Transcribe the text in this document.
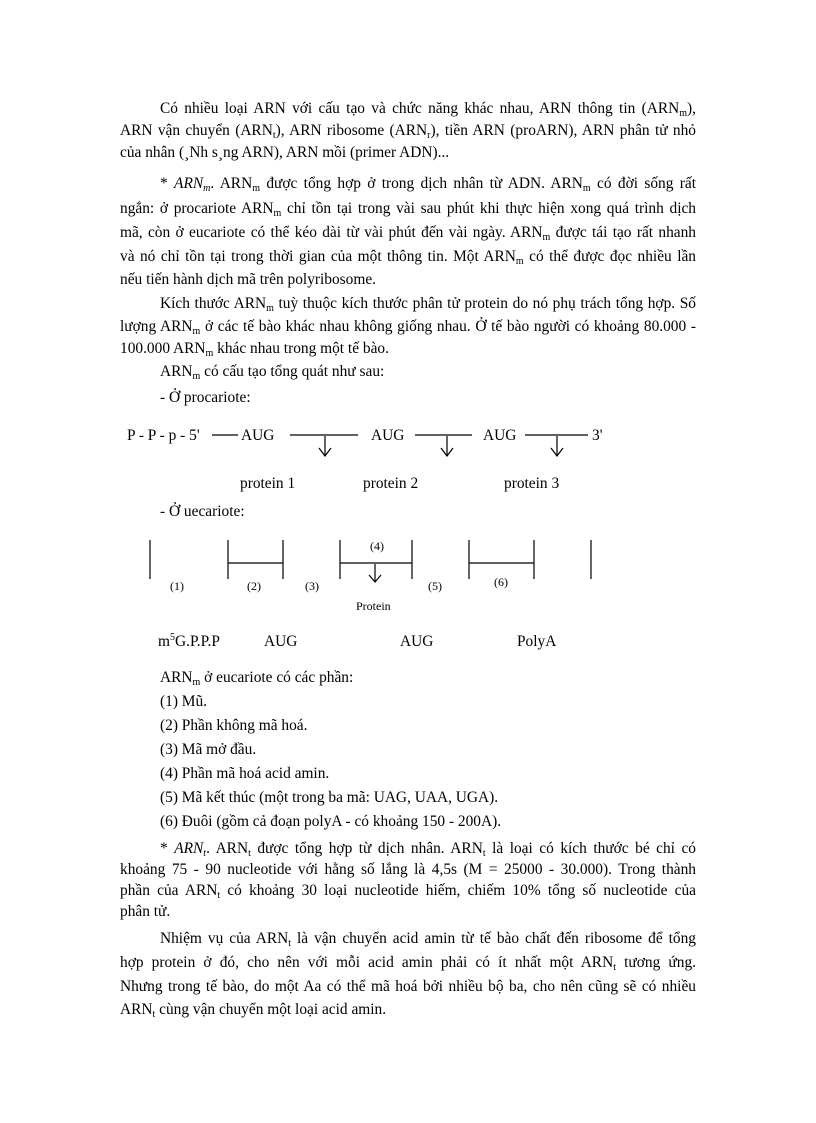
Có nhiều loại ARN với cấu tạo và chức năng khác nhau, ARN thông tin $(ARN_m)$,
ARN vận chuyển $(ARN_t)$, ARN ribosome $(ARN_r)$, tiền ARN (proARN), ARN phân tử nhỏ
của nhân (¸Nh s¸ng ARN), ARN mồi (primer ADN)...
* $ARN_m$. $ARN_m$ được tổng hợp ở trong dịch nhân từ ADN. $ARN_m$ có đời sống rất
ngắn: ở procariote $ARN_m$ chỉ tồn tại trong vài sau phút khi thực hiện xong quá trình dịch
mã, còn ở eucariote có thể kéo dài từ vài phút đến vài ngày. $ARN_m$ được tái tạo rất nhanh
và nó chỉ tồn tại trong thời gian của một thông tin. Một $ARN_m$ có thể được đọc nhiều lần
nếu tiến hành dịch mã trên polyribosome.
Kích thước $ARN_m$ tuỳ thuộc kích thước phân tử protein do nó phụ trách tổng hợp. Số
lượng $ARN_m$ ở các tế bào khác nhau không giống nhau. Ở tế bào người có khoảng 80.000 -
100.000 $ARN_m$ khác nhau trong một tế bào.
$ARN_m$ có cấu tạo tổng quát như sau:
- Ở procariote:
P - P - p - 5'	AUG	AUG	AUG	3'
protein 1	protein 2	protein 3
- Ở uecariote:
(4)
(1)	(2)	(3)	(5)	(6)
Protein
$m^5G.P.P.P$	AUG	AUG	PolyA
$ARN_m$ ở eucariote có các phần:
(1) Mũ.
(2) Phần không mã hoá.
(3) Mã mở đầu.
(4) Phần mã hoá acid amin.
(5) Mã kết thúc (một trong ba mã: UAG, UAA, UGA).
(6) Đuôi (gồm cả đoạn polyA - có khoảng 150 - 200A).
* $ARN_t$. $ARN_t$ được tổng hợp từ dịch nhân. $ARN_t$ là loại có kích thước bé chỉ có
khoảng 75 - 90 nucleotide với hằng số lắng là 4,5s (M = 25000 - 30.000). Trong thành
phần của $ARN_t$ có khoảng 30 loại nucleotide hiếm, chiếm 10% tổng số nucleotide của
phân tử.
Nhiệm vụ của $ARN_t$ là vận chuyển acid amin từ tế bào chất đến ribosome để tổng
hợp protein ở đó, cho nên với mỗi acid amin phải có ít nhất một $ARN_t$ tương ứng.
Nhưng trong tế bào, do một Aa có thể mã hoá bởi nhiều bộ ba, cho nên cũng sẽ có nhiều
$ARN_t$ cùng vận chuyển một loại acid amin.
